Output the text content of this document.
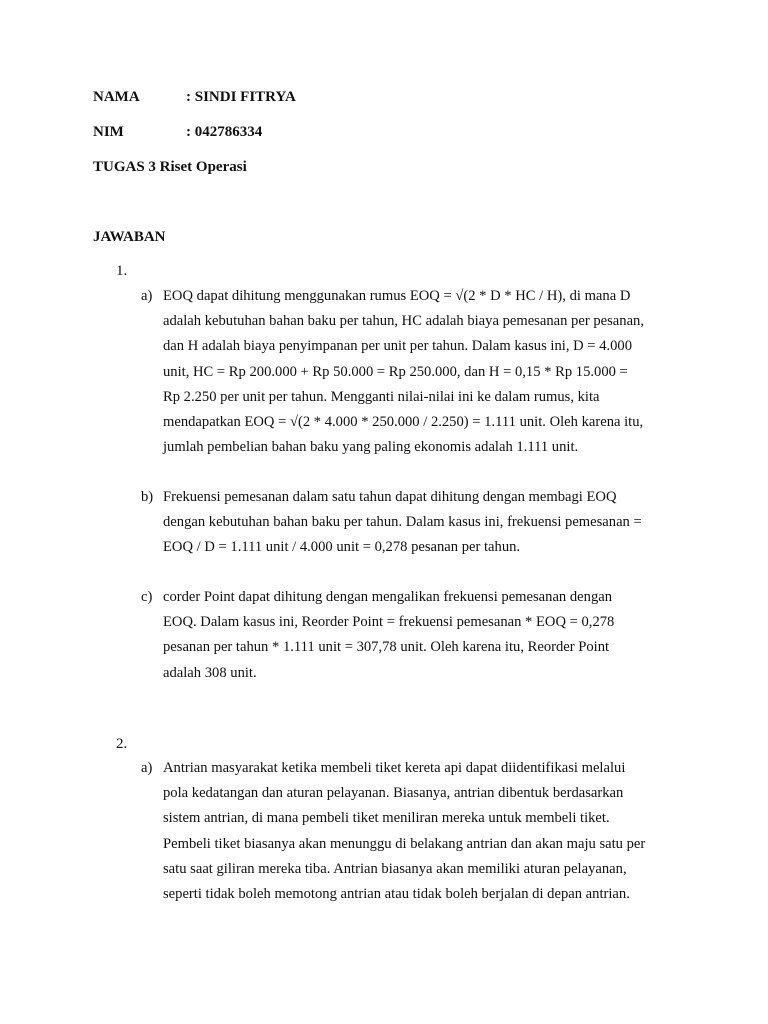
NAMA	: SINDI FITRYA
NIM	: 042786334
TUGAS 3 Riset Operasi
JAWABAN
1.
a) EOQ dapat dihitung menggunakan rumus EOQ = √(2 * D * HC / H), di mana D
adalah kebutuhan bahan baku per tahun, HC adalah biaya pemesanan per pesanan,
dan H adalah biaya penyimpanan per unit per tahun. Dalam kasus ini, D = 4.000
unit, HC = Rp 200.000 + Rp 50.000 = Rp 250.000, dan H = 0,15 * Rp 15.000 =
Rp 2.250 per unit per tahun. Mengganti nilai-nilai ini ke dalam rumus, kita
mendapatkan EOQ = √(2 * 4.000 * 250.000 / 2.250) = 1.111 unit. Oleh karena itu,
jumlah pembelian bahan baku yang paling ekonomis adalah 1.111 unit.
b) Frekuensi pemesanan dalam satu tahun dapat dihitung dengan membagi EOQ
dengan kebutuhan bahan baku per tahun. Dalam kasus ini, frekuensi pemesanan =
EOQ / D = 1.111 unit / 4.000 unit = 0,278 pesanan per tahun.
c) corder Point dapat dihitung dengan mengalikan frekuensi pemesanan dengan
EOQ. Dalam kasus ini, Reorder Point = frekuensi pemesanan * EOQ = 0,278
pesanan per tahun * 1.111 unit = 307,78 unit. Oleh karena itu, Reorder Point
adalah 308 unit.
2.
a) Antrian masyarakat ketika membeli tiket kereta api dapat diidentifikasi melalui
pola kedatangan dan aturan pelayanan. Biasanya, antrian dibentuk berdasarkan
sistem antrian, di mana pembeli tiket meniliran mereka untuk membeli tiket.
Pembeli tiket biasanya akan menunggu di belakang antrian dan akan maju satu per
satu saat giliran mereka tiba. Antrian biasanya akan memiliki aturan pelayanan,
seperti tidak boleh memotong antrian atau tidak boleh berjalan di depan antrian.
